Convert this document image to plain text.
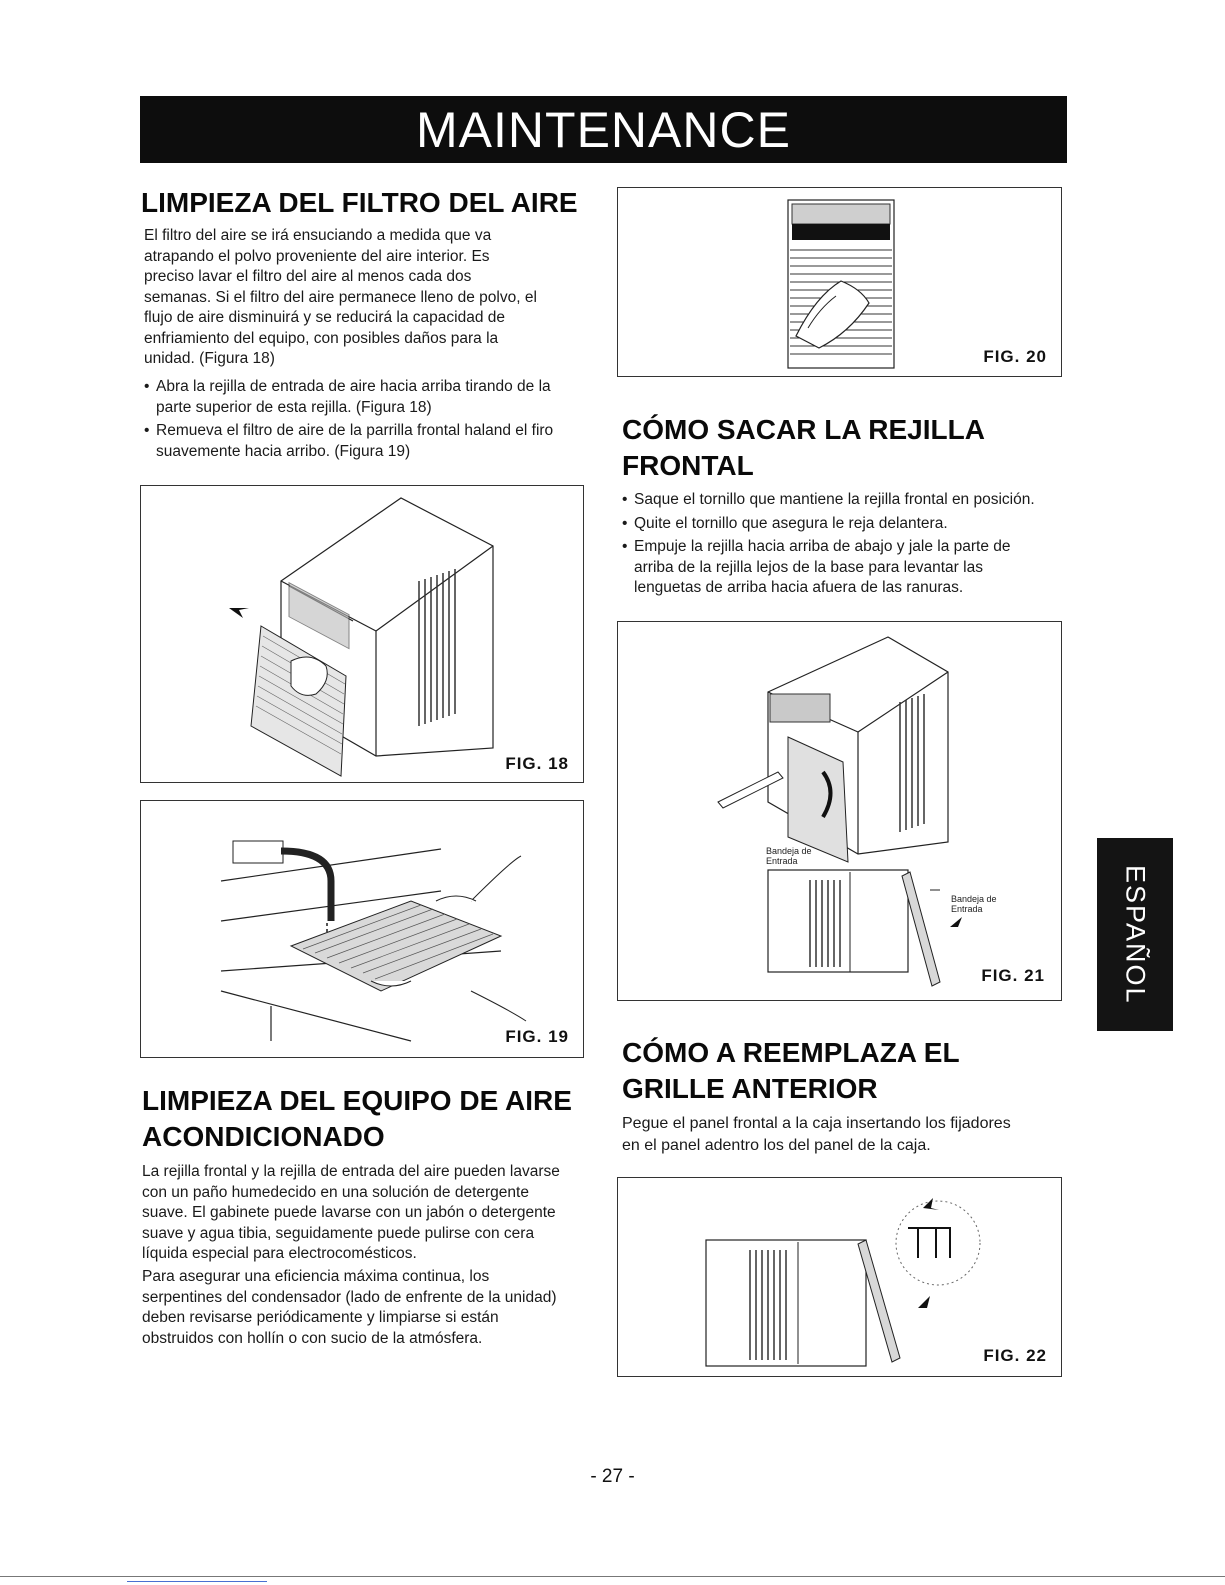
MAINTENANCE
ESPAÑOL
LIMPIEZA DEL FILTRO DEL AIRE

El filtro del aire se irá ensuciando a medida que va
atrapando el polvo proveniente del aire interior. Es
preciso lavar el filtro del aire al menos cada dos
semanas. Si el filtro del aire permanece lleno de polvo, el
flujo de aire disminuirá y se reducirá la capacidad de
enfriamiento del equipo, con posibles daños para la
unidad. (Figura 18)

• Abra la rejilla de entrada de aire hacia arriba tirando de la parte superior de esta rejilla. (Figura 18)
• Remueva el filtro de aire de la parrilla frontal haland el firo suavemente hacia arribo. (Figura 19)
FIG. 18
FIG. 19
LIMPIEZA DEL EQUIPO DE AIRE
ACONDICIONADO

La rejilla frontal y la rejilla de entrada del aire pueden lavarse
con un paño humedecido en una solución de detergente
suave. El gabinete puede lavarse con un jabón o detergente
suave y agua tibia, seguidamente puede pulirse con cera
líquida especial para electrocomésticos.

Para asegurar una eficiencia máxima continua, los
serpentines del condensador (lado de enfrente de la unidad)
deben revisarse periódicamente y limpiarse si están
obstruidos con hollín o con sucio de la atmósfera.

FIG. 20
CÓMO SACAR LA REJILLA
FRONTAL
• Saque el tornillo que mantiene la rejilla frontal en posición.
• Quite el tornillo que asegura le reja delantera.
• Empuje la rejilla hacia arriba de abajo y jale la parte de arriba de la rejilla lejos de la base para levantar las lenguetas de arriba hacia afuera de las ranuras.
Bandeja de
Entrada
Bandeja de
Entrada
FIG. 21
CÓMO A REEMPLAZA EL
GRILLE ANTERIOR

Pegue el panel frontal a la caja insertando los fijadores
en el panel adentro los del panel de la caja.

FIG. 22
- 27 -
